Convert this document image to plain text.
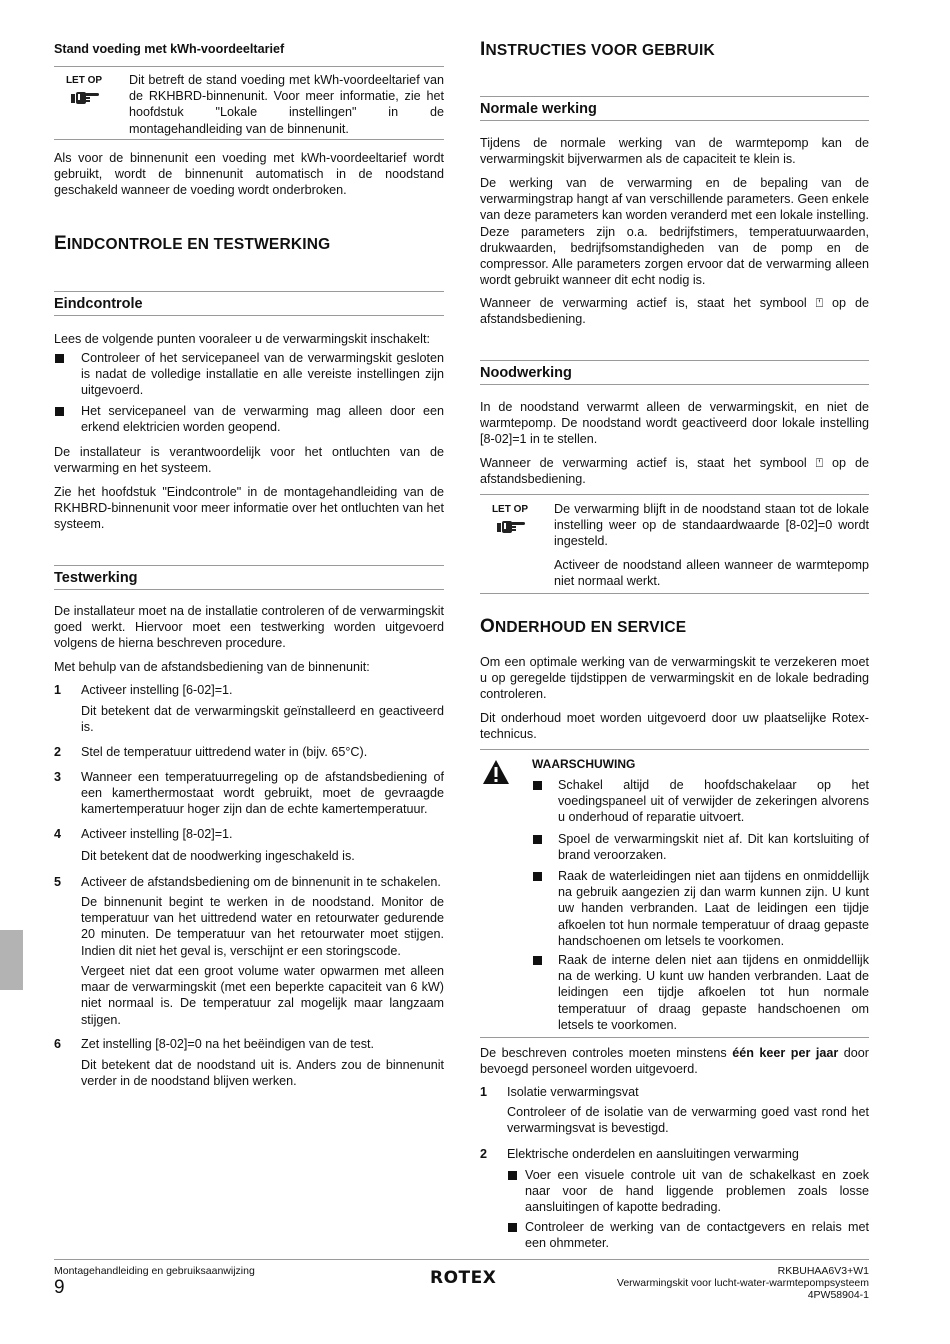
Stand voeding met kWh-voordeeltarief
LET OP	Dit betreft de stand voeding met kWh-voordeeltarief van de RKHBRD-binnenunit. Voor meer informatie, zie het hoofdstuk "Lokale instellingen" in de montagehandleiding van de binnenunit.

Als voor de binnenunit een voeding met kWh-voordeeltarief wordt gebruikt, wordt de binnenunit automatisch in de noodstand geschakeld wanneer de voeding wordt onderbroken.

EINDCONTROLE EN TESTWERKING
Eindcontrole

Lees de volgende punten vooraleer u de verwarmingskit inschakelt:

Controleer of het servicepaneel van de verwarmingskit gesloten is nadat de volledige installatie en alle vereiste instellingen zijn uitgevoerd.

Het servicepaneel van de verwarming mag alleen door een erkend elektricien worden geopend.

De installateur is verantwoordelijk voor het ontluchten van de verwarming en het systeem.

Zie het hoofdstuk "Eindcontrole" in de montagehandleiding van de RKHBRD-binnenunit voor meer informatie over het ontluchten van het systeem.

Testwerking

De installateur moet na de installatie controleren of de verwarmingskit goed werkt. Hiervoor moet een testwerking worden uitgevoerd volgens de hierna beschreven procedure.

Met behulp van de afstandsbediening van de binnenunit:

1 Activeer instelling [6-02]=1.

Dit betekent dat de verwarmingskit geïnstalleerd en geactiveerd is.

2 Stel de temperatuur uittredend water in (bijv. 65°C).

3 Wanneer een temperatuurregeling op de afstandsbediening of een kamerthermostaat wordt gebruikt, moet de gevraagde kamertemperatuur hoger zijn dan de echte kamertemperatuur.

4 Activeer instelling [8-02]=1.

Dit betekent dat de noodwerking ingeschakeld is.

5 Activeer de afstandsbediening om de binnenunit in te schakelen.

De binnenunit begint te werken in de noodstand. Monitor de temperatuur van het uittredend water en retourwater gedurende 20 minuten. De temperatuur van het retourwater moet stijgen. Indien dit niet het geval is, verschijnt er een storingscode.

Vergeet niet dat een groot volume water opwarmen met alleen maar de verwarmingskit (met een beperkte capaciteit van 6 kW) niet normaal is. De temperatuur zal mogelijk maar langzaam stijgen.

6 Zet instelling [8-02]=0 na het beëindigen van de test.

Dit betekent dat de noodstand uit is. Anders zou de binnenunit verder in de noodstand blijven werken.

INSTRUCTIES VOOR GEBRUIK
Normale werking

Tijdens de normale werking van de warmtepomp kan de verwarmingskit bijverwarmen als de capaciteit te klein is.

De werking van de verwarming en de bepaling van de verwarmingstrap hangt af van verschillende parameters. Geen enkele van deze parameters kan worden veranderd met een lokale instelling. Deze parameters zijn o.a. bedrijfstimers, temperatuurwaarden, drukwaarden, bedrijfsomstandigheden van de pomp en de compressor. Alle parameters zorgen ervoor dat de verwarming alleen wordt gebruikt wanneer dit echt nodig is.

Wanneer de verwarming actief is, staat het symbool ⍞ op de afstandsbediening.

Noodwerking

In de noodstand verwarmt alleen de verwarmingskit, en niet de warmtepomp. De noodstand wordt geactiveerd door lokale instelling [8-02]=1 in te stellen.

Wanneer de verwarming actief is, staat het symbool ⍞ op de afstandsbediening.

LET OP	De verwarming blijft in de noodstand staan tot de lokale instelling weer op de standaardwaarde [8-02]=0 wordt ingesteld.

Activeer de noodstand alleen wanneer de warmtepomp niet normaal werkt.

ONDERHOUD EN SERVICE

Om een optimale werking van de verwarmingskit te verzekeren moet u op geregelde tijdstippen de verwarmingskit en de lokale bedrading controleren.

Dit onderhoud moet worden uitgevoerd door uw plaatselijke Rotex-technicus.

WAARSCHUWING

Schakel altijd de hoofdschakelaar op het voedingspaneel uit of verwijder de zekeringen alvorens u onderhoud of reparatie uitvoert.

Spoel de verwarmingskit niet af. Dit kan kortsluiting of brand veroorzaken.

Raak de waterleidingen niet aan tijdens en onmiddellijk na gebruik aangezien zij dan warm kunnen zijn. U kunt uw handen verbranden. Laat de leidingen een tijdje afkoelen tot hun normale temperatuur of draag gepaste handschoenen om letsels te voorkomen.

Raak de interne delen niet aan tijdens en onmiddellijk na de werking. U kunt uw handen verbranden. Laat de leidingen een tijdje afkoelen tot hun normale temperatuur of draag gepaste handschoenen om letsels te voorkomen.

De beschreven controles moeten minstens één keer per jaar door bevoegd personeel worden uitgevoerd.

1 Isolatie verwarmingsvat

Controleer of de isolatie van de verwarming goed vast rond het verwarmingsvat is bevestigd.

2 Elektrische onderdelen en aansluitingen verwarming

Voer een visuele controle uit van de schakelkast en zoek naar voor de hand liggende problemen zoals losse aansluitingen of kapotte bedrading.

Controleer de werking van de contactgevers en relais met een ohmmeter.

Montagehandleiding en gebruiksaanwijzing
9	ROTEX	RKBUHAA6V3+W1
Verwarmingskit voor lucht-water-warmtepompsysteem
4PW58904-1
